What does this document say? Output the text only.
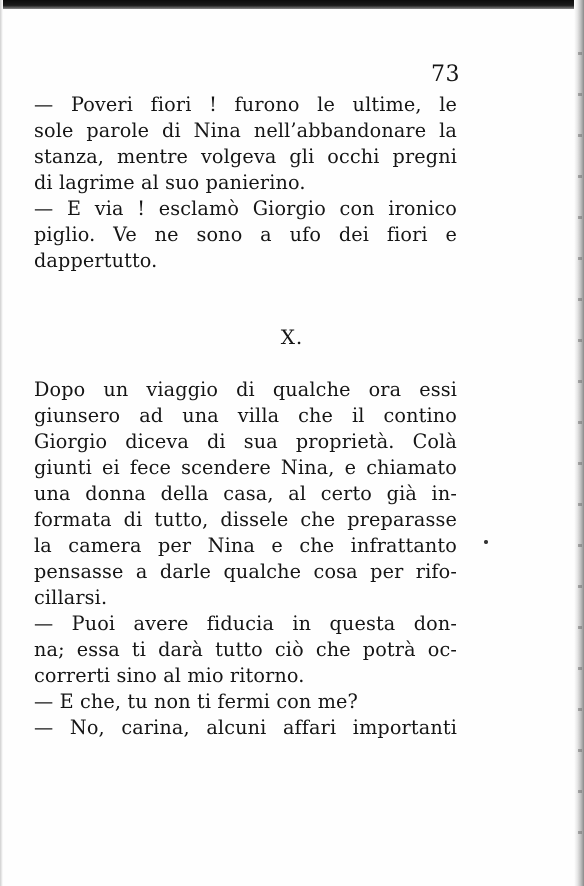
73
— Poveri fiori ! furono le ultime, le
sole parole di Nina nell’abbandonare la
stanza, mentre volgeva gli occhi pregni
di lagrime al suo panierino.
— E via ! esclamò Giorgio con ironico
piglio. Ve ne sono a ufo dei fiori e
dappertutto.
X.
Dopo un viaggio di qualche ora essi
giunsero ad una villa che il contino
Giorgio diceva di sua proprietà. Colà
giunti ei fece scendere Nina, e chiamato
una donna della casa, al certo già in-
formata di tutto, dissele che preparasse
la camera per Nina e che infrattanto
pensasse a darle qualche cosa per rifo-
cillarsi.
— Puoi avere fiducia in questa don-
na; essa ti darà tutto ciò che potrà oc-
correrti sino al mio ritorno.
— E che, tu non ti fermi con me?
— No, carina, alcuni affari importanti
